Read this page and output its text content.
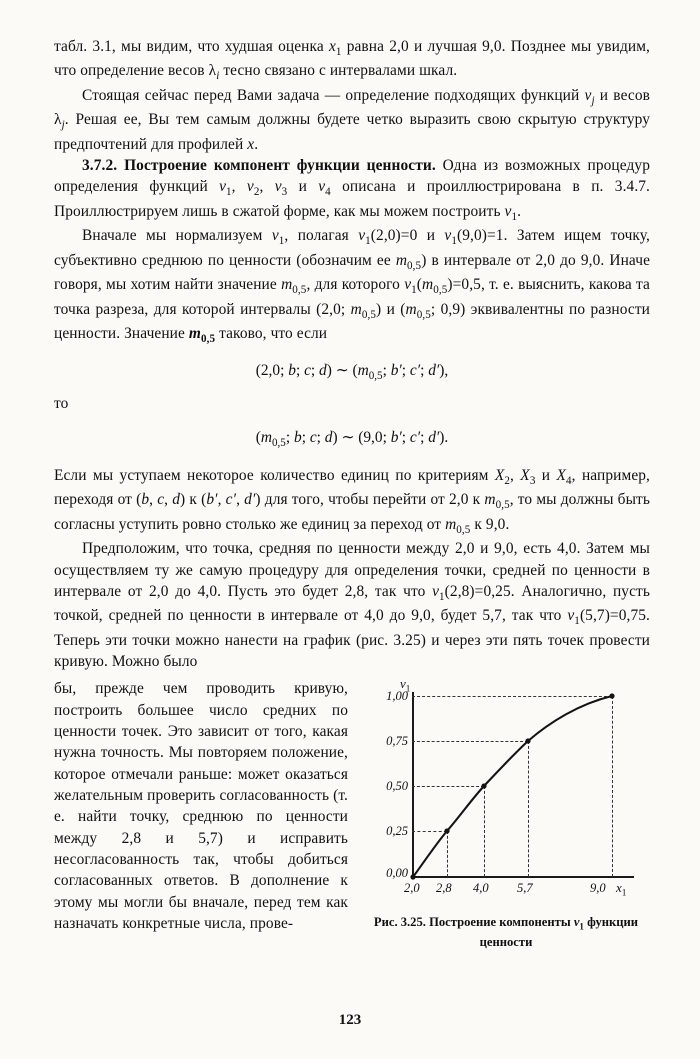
табл. 3.1, мы видим, что худшая оценка $x_1$ равна 2,0 и лучшая 9,0. Позднее мы увидим, что определение весов $\lambda_i$ тесно связано с интервалами шкал.

Стоящая сейчас перед Вами задача — определение подходящих функций $v_j$ и весов $\lambda_j$. Решая ее, Вы тем самым должны будете четко выразить свою скрытую структуру предпочтений для профилей x.

3.7.2. Построение компонент функции ценности. Одна из возможных процедур определения функций $v_1$, $v_2$, $v_3$ и $v_4$ описана и проиллюстрирована в п. 3.4.7. Проиллюстрируем лишь в сжатой форме, как мы можем построить $v_1$.

Вначале мы нормализуем $v_1$, полагая $v_1(2,0)=0$ и $v_1(9,0)=1$. Затем ищем точку, субъективно среднюю по ценности (обозначим ее $m_{0,5}$) в интервале от 2,0 до 9,0. Иначе говоря, мы хотим найти значение $m_{0,5}$, для которого $v_1(m_{0,5})=0,5$, т. е. выяснить, какова та точка разреза, для которой интервалы (2,0; $m_{0,5}$) и ($m_{0,5}$; 0,9) эквивалентны по разности ценности. Значение $m_{0,5}$ таково, что если

(2,0; b; c; d) ∼ ($m_{0,5}$; b′; c′; d′),

то

($m_{0,5}$; b; c; d) ∼ (9,0; b′; c′; d′).

Если мы уступаем некоторое количество единиц по критериям $X_2$, $X_3$ и $X_4$, например, переходя от (b, c, d) к (b′, c′, d′) для того, чтобы перейти от 2,0 к $m_{0,5}$, то мы должны быть согласны уступить ровно столько же единиц за переход от $m_{0,5}$ к 9,0.

Предположим, что точка, средняя по ценности между 2,0 и 9,0, есть 4,0. Затем мы осуществляем ту же самую процедуру для определения точки, средней по ценности в интервале от 2,0 до 4,0. Пусть это будет 2,8, так что $v_1(2,8)=0,25$. Аналогично, пусть точкой, средней по ценности в интервале от 4,0 до 9,0, будет 5,7, так что $v_1(5,7)=0,75$. Теперь эти точки можно нанести на график (рис. 3.25) и через эти пять точек провести кривую. Можно было

$v_1$
$x_1$
1,00
0,75
0,50
0,25
0,00
2,0 2,8 4,0 5,7	9,0
Рис. 3.25. Построение компоненты $v_1$ функции ценности

бы, прежде чем проводить кривую, построить большее число средних по ценности точек. Это зависит от того, какая нужна точность. Мы повторяем положение, которое отмечали раньше: может оказаться желательным проверить согласованность (т. е. найти точку, среднюю по ценности между 2,8 и 5,7) и исправить несогласованность так, чтобы добиться согласованных ответов. В дополнение к этому мы могли бы вначале, перед тем как назначать конкретные числа, прове-

123
